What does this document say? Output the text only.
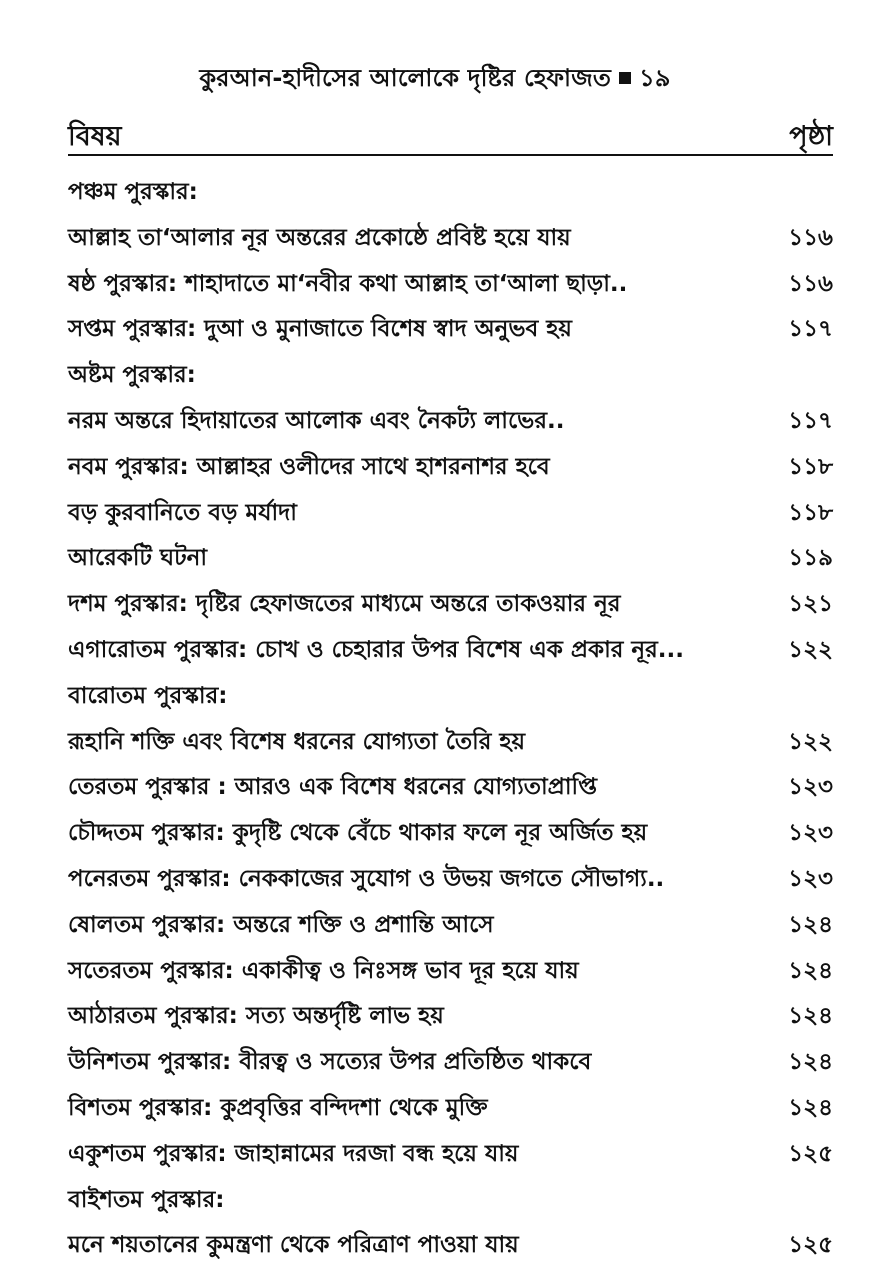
কুরআন-হাদীসের আলোকে দৃষ্টির হেফাজত ১৯
বিষয়	পৃষ্ঠা
পঞ্চম পুরস্কার:
আল্লাহ তা‘আলার নূর অন্তরের প্রকোষ্ঠে প্রবিষ্ট হয়ে যায়	১১৬
ষষ্ঠ পুরস্কার: শাহাদাতে মা‘নবীর কথা আল্লাহ তা‘আলা ছাড়া..	১১৬
সপ্তম পুরস্কার: দুআ ও মুনাজাতে বিশেষ স্বাদ অনুভব হয়	১১৭
অষ্টম পুরস্কার:
নরম অন্তরে হিদায়াতের আলোক এবং নৈকট্য লাভের..	১১৭
নবম পুরস্কার: আল্লাহর ওলীদের সাথে হাশরনাশর হবে	১১৮
বড় কুরবানিতে বড় মর্যাদা	১১৮
আরেকটি ঘটনা	১১৯
দশম পুরস্কার: দৃষ্টির হেফাজতের মাধ্যমে অন্তরে তাকওয়ার নূর	১২১
এগারোতম পুরস্কার: চোখ ও চেহারার উপর বিশেষ এক প্রকার নূর...	১২২
বারোতম পুরস্কার:
রূহানি শক্তি এবং বিশেষ ধরনের যোগ্যতা তৈরি হয়	১২২
তেরতম পুরস্কার : আরও এক বিশেষ ধরনের যোগ্যতাপ্রাপ্তি	১২৩
চৌদ্দতম পুরস্কার: কুদৃষ্টি থেকে বেঁচে থাকার ফলে নূর অর্জিত হয়	১২৩
পনেরতম পুরস্কার: নেককাজের সুযোগ ও উভয় জগতে সৌভাগ্য..	১২৩
ষোলতম পুরস্কার: অন্তরে শক্তি ও প্রশান্তি আসে	১২৪
সতেরতম পুরস্কার: একাকীত্ব ও নিঃসঙ্গ ভাব দূর হয়ে যায়	১২৪
আঠারতম পুরস্কার: সত্য অন্তর্দৃষ্টি লাভ হয়	১২৪
উনিশতম পুরস্কার: বীরত্ব ও সত্যের উপর প্রতিষ্ঠিত থাকবে	১২৪
বিশতম পুরস্কার: কুপ্রবৃত্তির বন্দিদশা থেকে মুক্তি	১২৪
একুশতম পুরস্কার: জাহান্নামের দরজা বন্ধ হয়ে যায়	১২৫
বাইশতম পুরস্কার:
মনে শয়তানের কুমন্ত্রণা থেকে পরিত্রাণ পাওয়া যায়	১২৫
